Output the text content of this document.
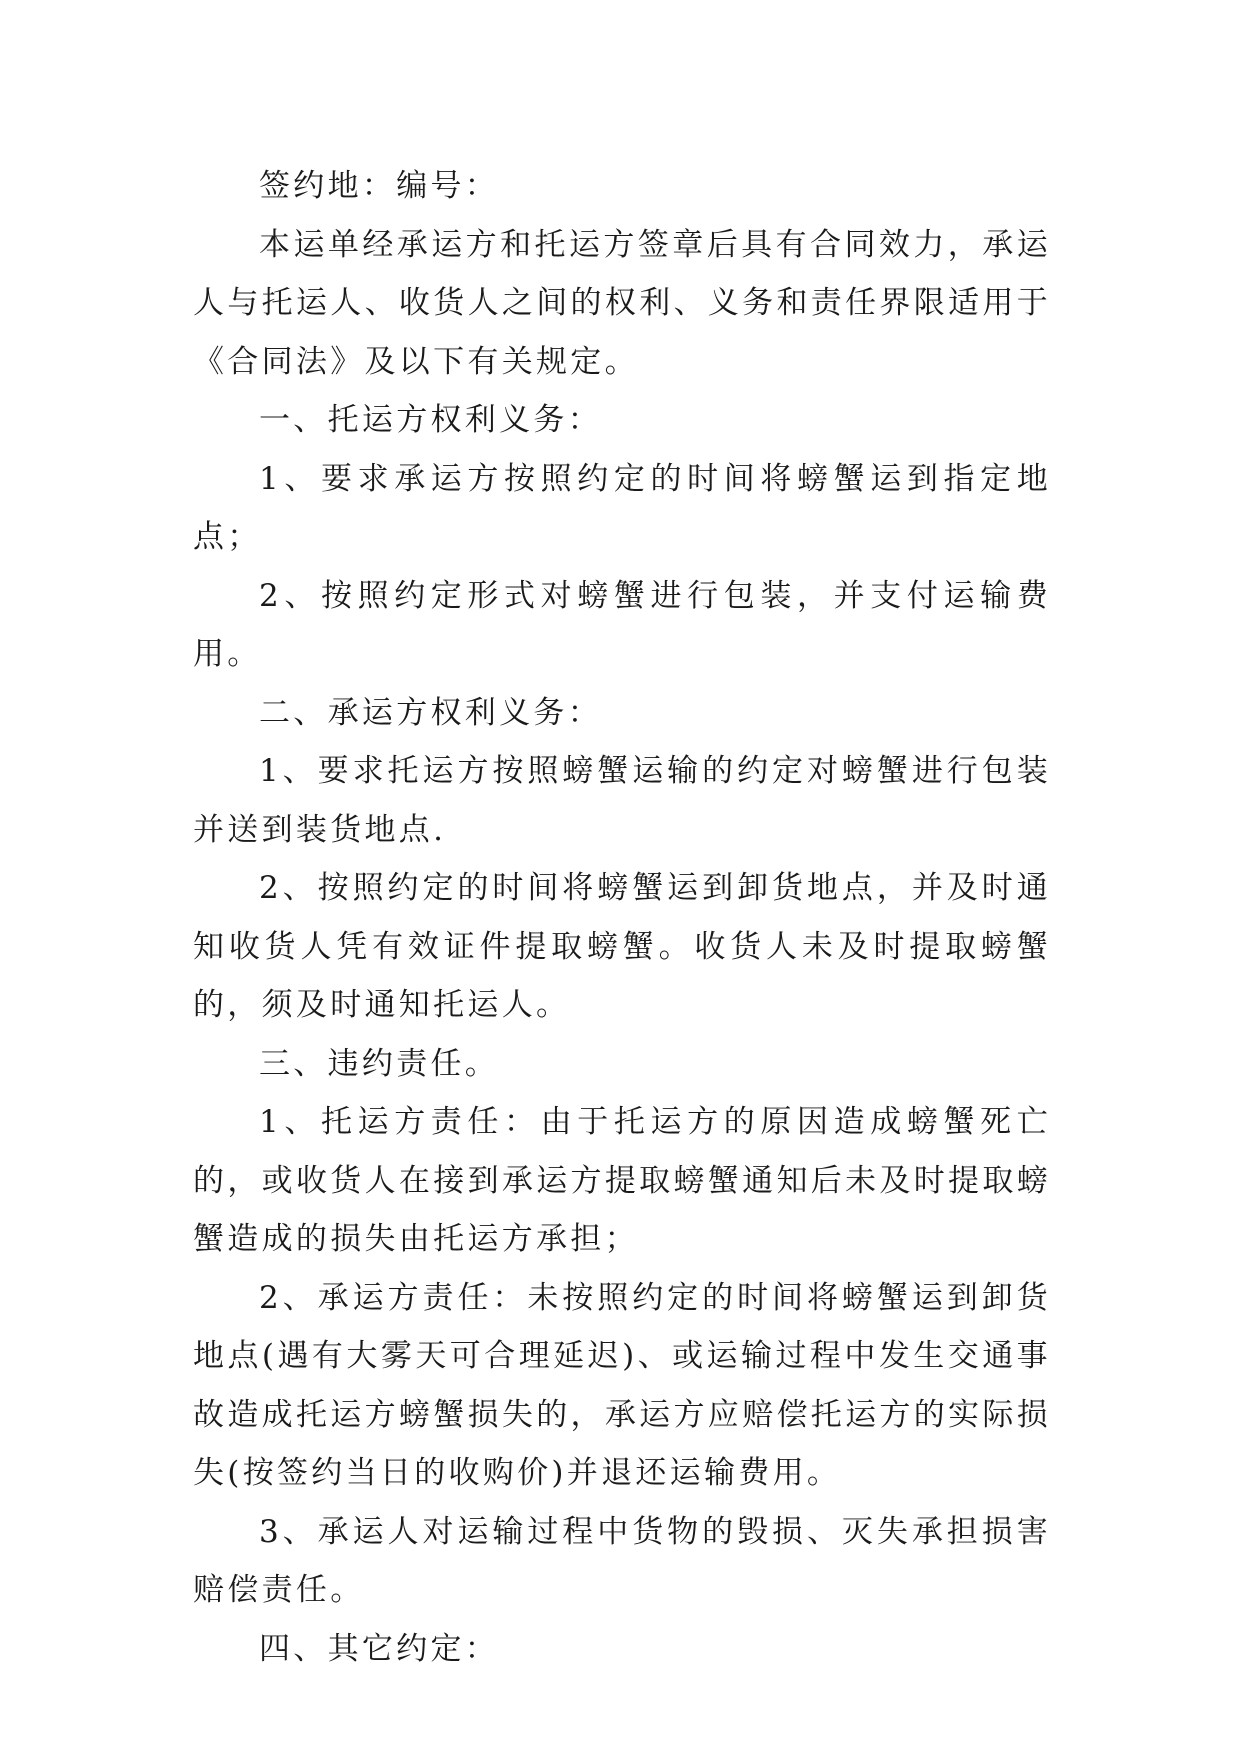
签约地：编号：

本运单经承运方和托运方签章后具有合同效力，承运人与托运人、收货人之间的权利、义务和责任界限适用于《合同法》及以下有关规定。

一、托运方权利义务：

1、要求承运方按照约定的时间将螃蟹运到指定地点；

2、按照约定形式对螃蟹进行包装，并支付运输费用。

二、承运方权利义务：

1、要求托运方按照螃蟹运输的约定对螃蟹进行包装并送到装货地点.

2、按照约定的时间将螃蟹运到卸货地点，并及时通知收货人凭有效证件提取螃蟹。收货人未及时提取螃蟹的，须及时通知托运人。

三、违约责任。

1、托运方责任：由于托运方的原因造成螃蟹死亡的，或收货人在接到承运方提取螃蟹通知后未及时提取螃蟹造成的损失由托运方承担；

2、承运方责任：未按照约定的时间将螃蟹运到卸货地点(遇有大雾天可合理延迟)、或运输过程中发生交通事故造成托运方螃蟹损失的，承运方应赔偿托运方的实际损失(按签约当日的收购价)并退还运输费用。

3、承运人对运输过程中货物的毁损、灭失承担损害赔偿责任。

四、其它约定：
